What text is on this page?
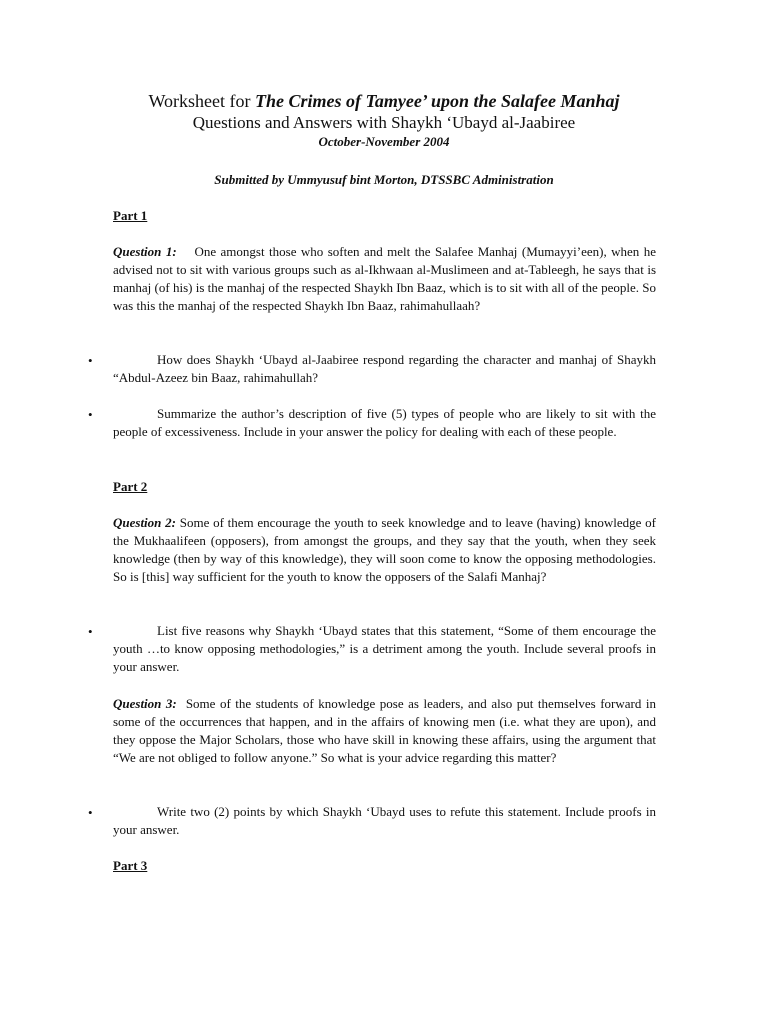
Worksheet for The Crimes of Tamyee’ upon the Salafee Manhaj

Questions and Answers with Shaykh ‘Ubayd al-Jaabiree

October-November 2004

Submitted by Ummyusuf bint Morton, DTSSBC Administration

Part 1

Question 1: One amongst those who soften and melt the Salafee Manhaj (Mumayyi’een), when he advised not to sit with various groups such as al-Ikhwaan al-Muslimeen and at-Tableegh, he says that is manhaj (of his) is the manhaj of the respected Shaykh Ibn Baaz, which is to sit with all of the people. So was this the manhaj of the respected Shaykh Ibn Baaz, rahimahullaah?

•	How does Shaykh ‘Ubayd al-Jaabiree respond regarding the character and manhaj of Shaykh “Abdul-Azeez bin Baaz, rahimahullah?

•	Summarize the author’s description of five (5) types of people who are likely to sit with the people of excessiveness. Include in your answer the policy for dealing with each of these people.

Part 2

Question 2: Some of them encourage the youth to seek knowledge and to leave (having) knowledge of the Mukhaalifeen (opposers), from amongst the groups, and they say that the youth, when they seek knowledge (then by way of this knowledge), they will soon come to know the opposing methodologies. So is [this] way sufficient for the youth to know the opposers of the Salafi Manhaj?

•	List five reasons why Shaykh ‘Ubayd states that this statement, “Some of them encourage the youth …to know opposing methodologies,” is a detriment among the youth. Include several proofs in your answer.

Question 3: Some of the students of knowledge pose as leaders, and also put themselves forward in some of the occurrences that happen, and in the affairs of knowing men (i.e. what they are upon), and they oppose the Major Scholars, those who have skill in knowing these affairs, using the argument that “We are not obliged to follow anyone.” So what is your advice regarding this matter?

•	Write two (2) points by which Shaykh ‘Ubayd uses to refute this statement. Include proofs in your answer.

Part 3
